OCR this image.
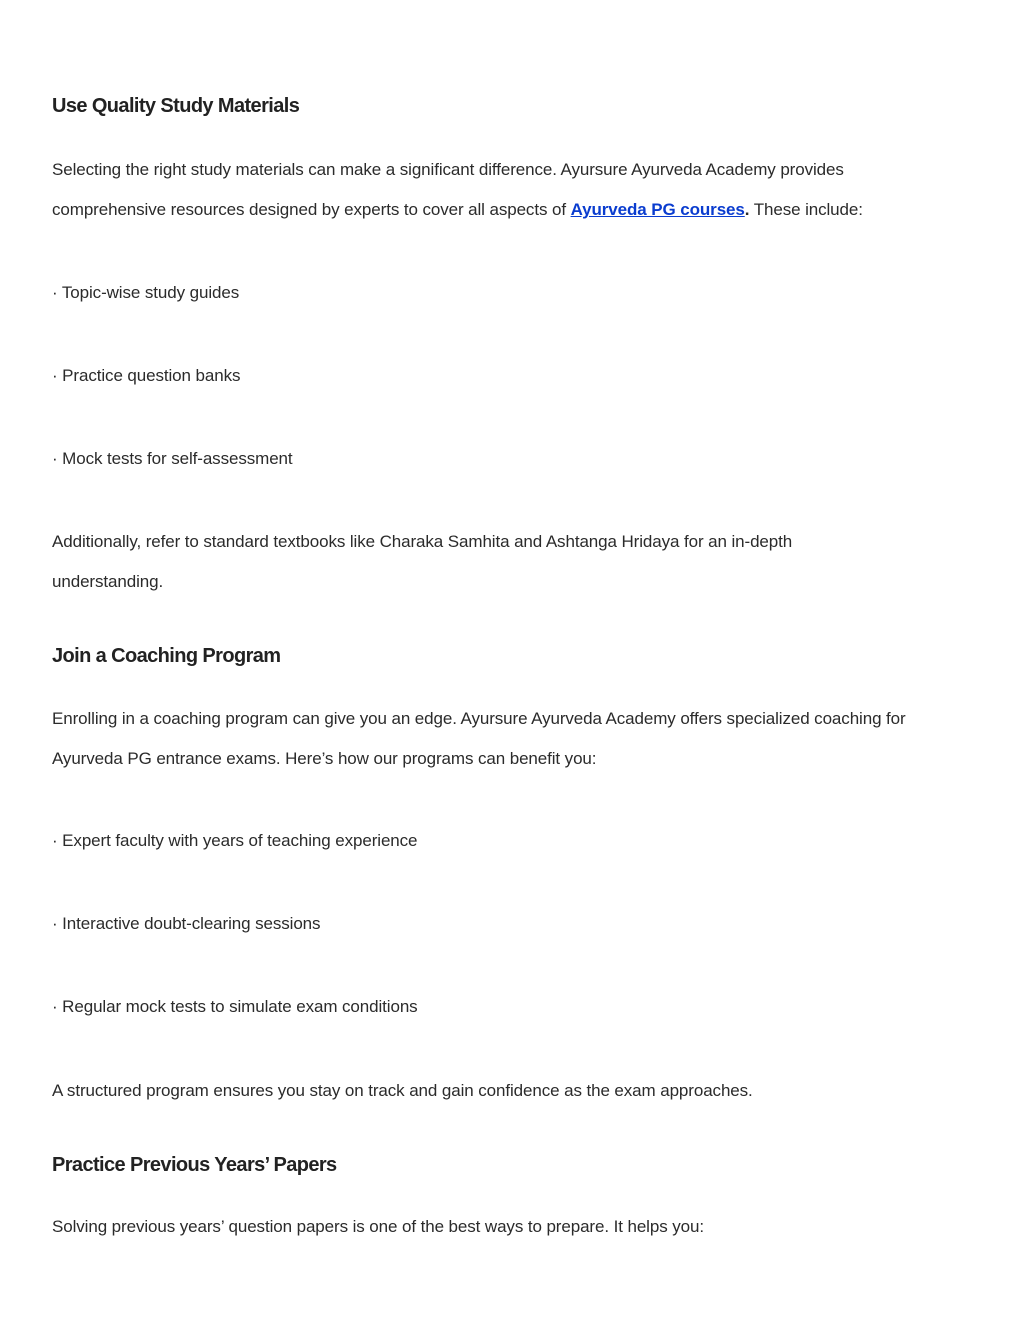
Use Quality Study Materials

Selecting the right study materials can make a significant difference. Ayursure Ayurveda Academy provides
comprehensive resources designed by experts to cover all aspects of Ayurveda PG courses. These include:

· Topic-wise study guides
· Practice question banks
· Mock tests for self-assessment

Additionally, refer to standard textbooks like Charaka Samhita and Ashtanga Hridaya for an in-depth
understanding.

Join a Coaching Program

Enrolling in a coaching program can give you an edge. Ayursure Ayurveda Academy offers specialized coaching for
Ayurveda PG entrance exams. Here’s how our programs can benefit you:

· Expert faculty with years of teaching experience
· Interactive doubt-clearing sessions
· Regular mock tests to simulate exam conditions

A structured program ensures you stay on track and gain confidence as the exam approaches.

Practice Previous Years’ Papers

Solving previous years’ question papers is one of the best ways to prepare. It helps you:
